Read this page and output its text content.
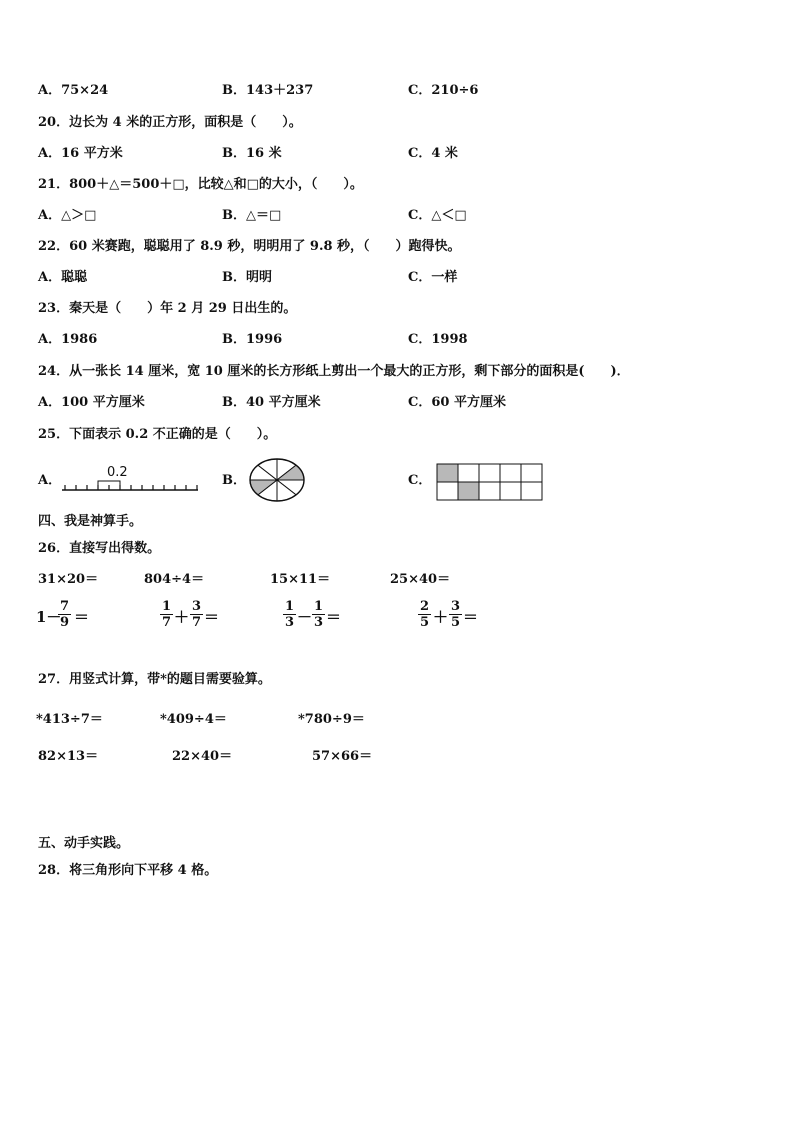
A．75×24	B．143＋237	C．210÷6
20．边长为 4 米的正方形，面积是（　　）。
A．16 平方米	B．16 米	C．4 米
21．800＋△＝500＋□，比较△和□的大小，（　　）。
A．△＞□	B．△＝□	C．△＜□
22．60 米赛跑，聪聪用了 8.9 秒，明明用了 9.8 秒，（　　）跑得快。
A．聪聪	B．明明	C．一样
23．秦天是（　　）年 2 月 29 日出生的。
A．1986	B．1996	C．1998
24．从一张长 14 厘米，宽 10 厘米的长方形纸上剪出一个最大的正方形，剩下部分的面积是(　　)．
A．100 平方厘米	B．40 平方厘米	C．60 平方厘米
25．下面表示 0.2 不正确的是（　　）。
A．	B．	C．
0.2
四、我是神算手。
26．直接写出得数。
31×20＝	804÷4＝	15×11＝	25×40＝
1－
$\frac{7}{9}$ ＝	$\frac{1}{7} + \frac{3}{7}$ ＝	$\frac{1}{3} - \frac{1}{3}$ ＝	$\frac{2}{5} + \frac{3}{5}$ ＝
27．用竖式计算，带*的题目需要验算。
*413÷7＝	*409÷4＝	*780÷9＝
82×13＝	22×40＝	57×66＝
五、动手实践。
28．将三角形向下平移 4 格。
